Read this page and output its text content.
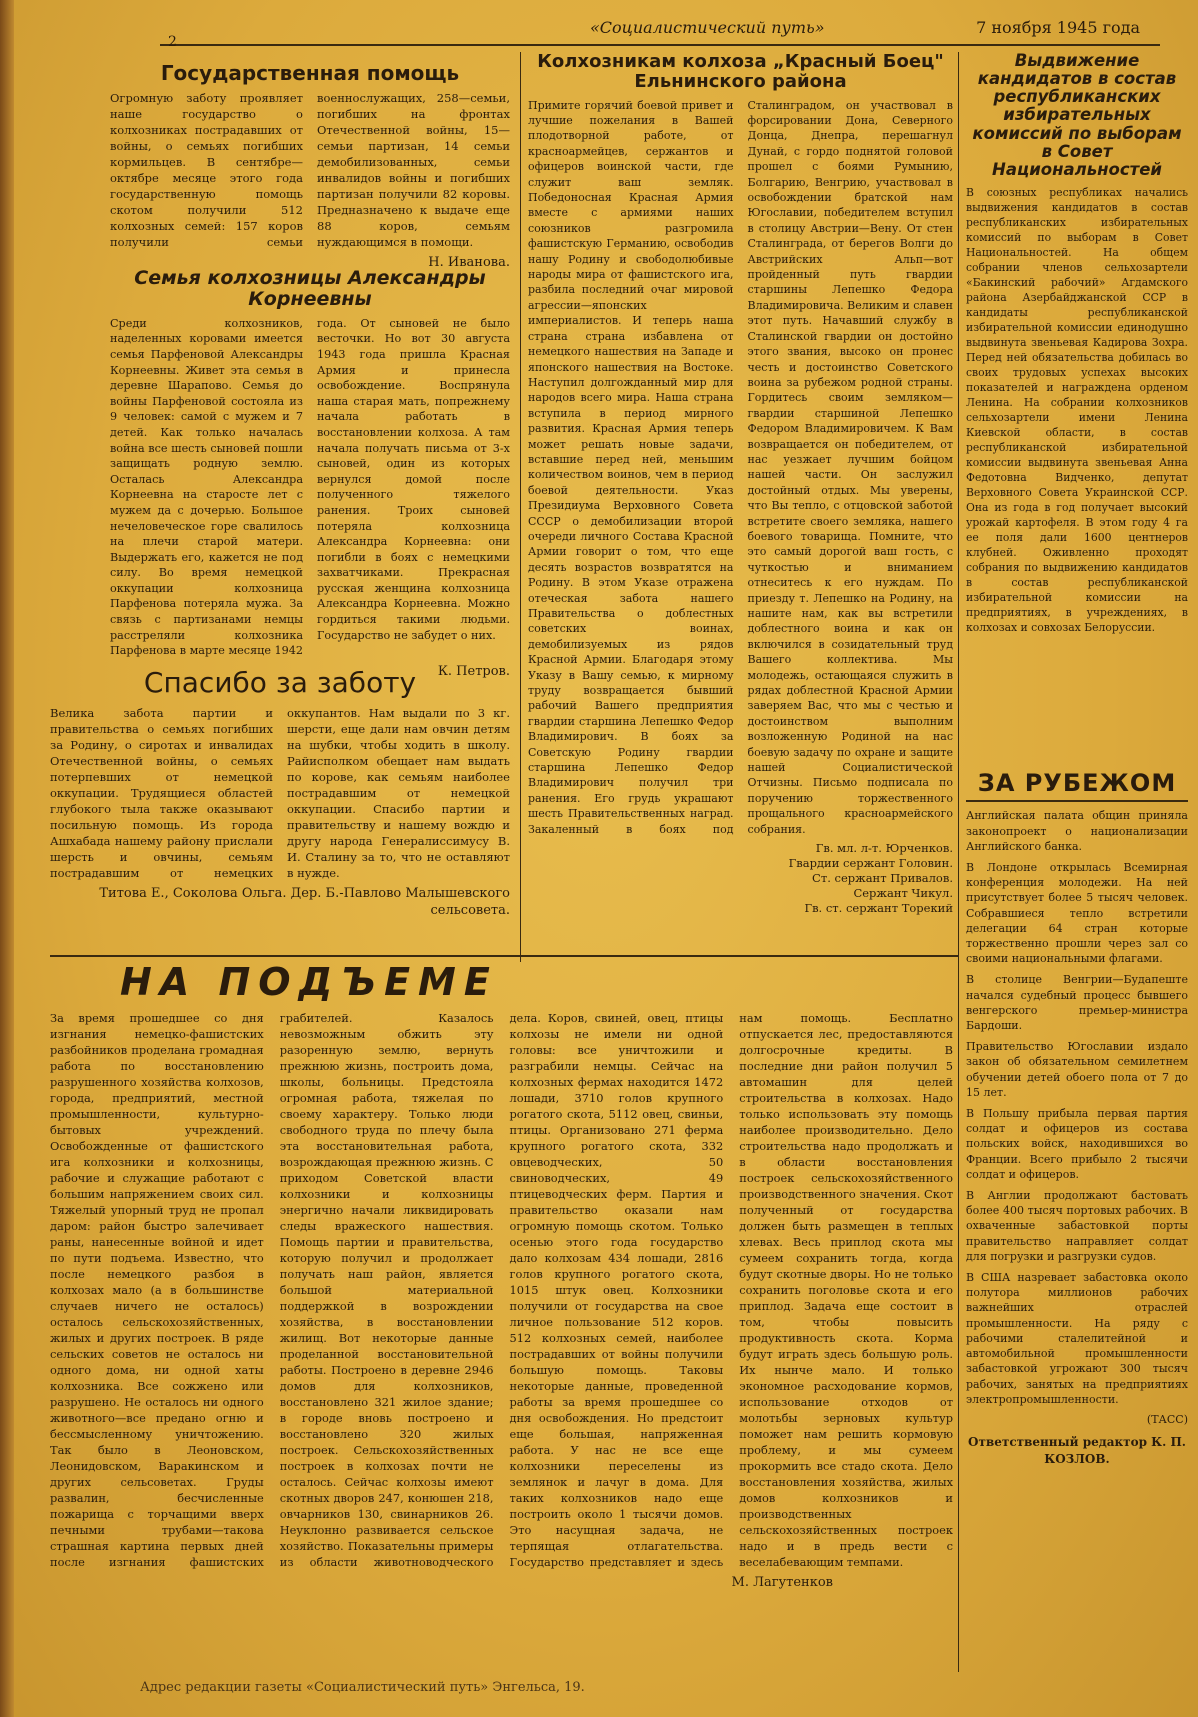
2
«Социалистический путь»	7 ноября 1945 года
Государственная помощь

Огромную заботу проявляет наше государство о колхозниках пострадавших от войны, о семьях погибших кормильцев. В сентябре—октябре месяце этого года государственную помощь скотом получили 512 колхозных семей: 157 коров получили семьи военнослужащих, 258—семьи, погибших на фронтах Отечественной войны, 15—семьи партизан, 14 семьи демобилизованных, семьи инвалидов войны и погибших партизан получили 82 коровы. Предназначено к выдаче еще 88 коров, семьям нуждающимся в помощи.

Н. Иванова.
Семья колхозницы Александры Корнеевны

Среди колхозников, наделенных коровами имеется семья Парфеновой Александры Корнеевны. Живет эта семья в деревне Шарапово. Семья до войны Парфеновой состояла из 9 человек: самой с мужем и 7 детей. Как только началась война все шесть сыновей пошли защищать родную землю. Осталась Александра Корнеевна на старосте лет с мужем да с дочерью. Большое нечеловеческое горе свалилось на плечи старой матери. Выдержать его, кажется не под силу. Во время немецкой оккупации колхозница Парфенова потеряла мужа. За связь с партизанами немцы расстреляли колхозника Парфенова в марте месяце 1942 года. От сыновей не было весточки. Но вот 30 августа 1943 года пришла Красная Армия и принесла освобождение. Воспрянула наша старая мать, попрежнему начала работать в восстановлении колхоза. А там начала получать письма от 3-х сыновей, один из которых вернулся домой после полученного тяжелого ранения. Троих сыновей потеряла колхозница Александра Корнеевна: они погибли в боях с немецкими захватчиками. Прекрасная русская женщина колхозница Александра Корнеевна. Можно гордиться такими людьми. Государство не забудет о них.

К. Петров.
Спасибо за заботу

Велика забота партии и правительства о семьях погибших за Родину, о сиротах и инвалидах Отечественной войны, о семьях потерпевших от немецкой оккупации. Трудящиеся областей глубокого тыла также оказывают посильную помощь. Из города Ашхабада нашему району прислали шерсть и овчины, семьям пострадавшим от немецких оккупантов. Нам выдали по 3 кг. шерсти, еще дали нам овчин детям на шубки, чтобы ходить в школу. Райисполком обещает нам выдать по корове, как семьям наиболее пострадавшим от немецкой оккупации. Спасибо партии и правительству и нашему вождю и другу народа Генералиссимусу В. И. Сталину за то, что не оставляют в нужде.

Титова Е., Соколова Ольга. Дер. Б.-Павлово Малышевского сельсовета.
Колхозникам колхоза „Красный Боец" Ельнинского района

Примите горячий боевой привет и лучшие пожелания в Вашей плодотворной работе, от красноармейцев, сержантов и офицеров воинской части, где служит ваш земляк. Победоносная Красная Армия вместе с армиями наших союзников разгромила фашистскую Германию, освободив нашу Родину и свободолюбивые народы мира от фашистского ига, разбила последний очаг мировой агрессии—японских империалистов. И теперь наша страна страна избавлена от немецкого нашествия на Западе и японского нашествия на Востоке. Наступил долгожданный мир для народов всего мира. Наша страна вступила в период мирного развития. Красная Армия теперь может решать новые задачи, вставшие перед ней, меньшим количеством воинов, чем в период боевой деятельности. Указ Президиума Верховного Совета СССР о демобилизации второй очереди личного Состава Красной Армии говорит о том, что еще десять возрастов возвратятся на Родину. В этом Указе отражена отеческая забота нашего Правительства о доблестных советских воинах, демобилизуемых из рядов Красной Армии. Благодаря этому Указу в Вашу семью, к мирному труду возвращается бывший рабочий Вашего предприятия гвардии старшина Лепешко Федор Владимирович. В боях за Советскую Родину гвардии старшина Лепешко Федор Владимирович получил три ранения. Его грудь украшают шесть Правительственных наград. Закаленный в боях под Сталинградом, он участвовал в форсировании Дона, Северного Донца, Днепра, перешагнул Дунай, с гордо поднятой головой прошел с боями Румынию, Болгарию, Венгрию, участвовал в освобождении братской нам Югославии, победителем вступил в столицу Австрии—Вену. От стен Сталинграда, от берегов Волги до Австрийских Альп—вот пройденный путь гвардии старшины Лепешко Федора Владимировича. Великим и славен этот путь. Начавший службу в Сталинской гвардии он достойно этого звания, высоко он пронес честь и достоинство Советского воина за рубежом родной страны. Гордитесь своим земляком—гвардии старшиной Лепешко Федором Владимировичем. К Вам возвращается он победителем, от нас уезжает лучшим бойцом нашей части. Он заслужил достойный отдых. Мы уверены, что Вы тепло, с отцовской заботой встретите своего земляка, нашего боевого товарища. Помните, что это самый дорогой ваш гость, с чуткостью и вниманием отнеситесь к его нуждам. По приезду т. Лепешко на Родину, на нашите нам, как вы встретили доблестного воина и как он включился в созидательный труд Вашего коллектива. Мы молодежь, остающаяся служить в рядах доблестной Красной Армии заверяем Вас, что мы с честью и достоинством выполним возложенную Родиной на нас боевую задачу по охране и защите нашей Социалистической Отчизны. Письмо подписала по поручению торжественного прощального красноармейского собрания.

Гв. мл. л-т. Юрченков.
Гвардии сержант Головин.
Ст. сержант Привалов.
Сержант Чикул.
Гв. ст. сержант Торекий
Выдвижение кандидатов в состав республиканских избирательных комиссий по выборам в Совет Национальностей

В союзных республиках начались выдвижения кандидатов в состав республиканских избирательных комиссий по выборам в Совет Национальностей. На общем собрании членов сельхозартели «Бакинский рабочий» Агдамского района Азербайджанской ССР в кандидаты республиканской избирательной комиссии единодушно выдвинута звеньевая Кадирова Зохра. Перед ней обязательства добилась во своих трудовых успехах высоких показателей и награждена орденом Ленина. На собрании колхозников сельхозартели имени Ленина Киевской области, в состав республиканской избирательной комиссии выдвинута звеньевая Анна Федотовна Видченко, депутат Верховного Совета Украинской ССР. Она из года в год получает высокий урожай картофеля. В этом году 4 га ее поля дали 1600 центнеров клубней. Оживленно проходят собрания по выдвижению кандидатов в состав республиканской избирательной комиссии на предприятиях, в учреждениях, в колхозах и совхозах Белоруссии.

ЗА РУБЕЖОМ

Английская палата общин приняла законопроект о национализации Английского банка.

В Лондоне открылась Всемирная конференция молодежи. На ней присутствует более 5 тысяч человек. Собравшиеся тепло встретили делегации 64 стран которые торжественно прошли через зал со своими национальными флагами.

В столице Венгрии—Будапеште начался судебный процесс бывшего венгерского премьер-министра Бардоши.

Правительство Югославии издало закон об обязательном семилетнем обучении детей обоего пола от 7 до 15 лет.

В Польшу прибыла первая партия солдат и офицеров из состава польских войск, находившихся во Франции. Всего прибыло 2 тысячи солдат и офицеров.

В Англии продолжают бастовать более 400 тысяч портовых рабочих. В охваченные забастовкой порты правительство направляет солдат для погрузки и разгрузки судов.

В США назревает забастовка около полутора миллионов рабочих важнейших отраслей промышленности. На ряду с рабочими сталелитейной и автомобильной промышленности забастовкой угрожают 300 тысяч рабочих, занятых на предприятиях электропромышленности.

(ТАСС)
Ответственный редактор К. П. КОЗЛОВ.
НА ПОДЪЕМЕ

За время прошедшее со дня изгнания немецко-фашистских разбойников проделана громадная работа по восстановлению разрушенного хозяйства колхозов, города, предприятий, местной промышленности, культурно-бытовых учреждений. Освобожденные от фашистского ига колхозники и колхозницы, рабочие и служащие работают с большим напряжением своих сил. Тяжелый упорный труд не пропал даром: район быстро залечивает раны, нанесенные войной и идет по пути подъема. Известно, что после немецкого разбоя в колхозах мало (а в большинстве случаев ничего не осталось) осталось сельскохозяйственных, жилых и других построек. В ряде сельских советов не осталось ни одного дома, ни одной хаты колхозника. Все сожжено или разрушено. Не осталось ни одного животного—все предано огню и бессмысленному уничтожению. Так было в Леоновском, Леонидовском, Варакинском и других сельсоветах. Груды развалин, бесчисленные пожарища с торчащими вверх печными трубами—такова страшная картина первых дней после изгнания фашистских грабителей. Казалось невозможным обжить эту разоренную землю, вернуть прежнюю жизнь, построить дома, школы, больницы. Предстояла огромная работа, тяжелая по своему характеру. Только люди свободного труда по плечу была эта восстановительная работа, возрождающая прежнюю жизнь. С приходом Советской власти колхозники и колхозницы энергично начали ликвидировать следы вражеского нашествия. Помощь партии и правительства, которую получил и продолжает получать наш район, является большой материальной поддержкой в возрождении хозяйства, в восстановлении жилищ. Вот некоторые данные проделанной восстановительной работы. Построено в деревне 2946 домов для колхозников, восстановлено 321 жилое здание; в городе вновь построено и восстановлено 320 жилых построек. Сельскохозяйственных построек в колхозах почти не осталось. Сейчас колхозы имеют скотных дворов 247, конюшен 218, овчарников 130, свинарников 26. Неуклонно развивается сельское хозяйство. Показательны примеры из области животноводческого дела. Коров, свиней, овец, птицы колхозы не имели ни одной головы: все уничтожили и разграбили немцы. Сейчас на колхозных фермах находится 1472 лошади, 3710 голов крупного рогатого скота, 5112 овец, свиньи, птицы. Организовано 271 ферма крупного рогатого скота, 332 овцеводческих, 50 свиноводческих, 49 птицеводческих ферм. Партия и правительство оказали нам огромную помощь скотом. Только осенью этого года государство дало колхозам 434 лошади, 2816 голов крупного рогатого скота, 1015 штук овец. Колхозники получили от государства на свое личное пользование 512 коров. 512 колхозных семей, наиболее пострадавших от войны получили большую помощь. Таковы некоторые данные, проведенной работы за время прошедшее со дня освобождения. Но предстоит еще большая, напряженная работа. У нас не все еще колхозники переселены из землянок и лачуг в дома. Для таких колхозников надо еще построить около 1 тысячи домов. Это насущная задача, не терпящая отлагательства. Государство представляет и здесь нам помощь. Бесплатно отпускается лес, предоставляются долгосрочные кредиты. В последние дни район получил 5 автомашин для целей строительства в колхозах. Надо только использовать эту помощь наиболее производительно. Дело строительства надо продолжать и в области восстановления построек сельскохозяйственного производственного значения. Скот полученный от государства должен быть размещен в теплых хлевах. Весь приплод скота мы сумеем сохранить тогда, когда будут скотные дворы. Но не только сохранить поголовье скота и его приплод. Задача еще состоит в том, чтобы повысить продуктивность скота. Корма будут играть здесь большую роль. Их нынче мало. И только экономное расходование кормов, использование отходов от молотьбы зерновых культур поможет нам решить кормовую проблему, и мы сумеем прокормить все стадо скота. Дело восстановления хозяйства, жилых домов колхозников и производственных сельскохозяйственных построек надо и в предь вести с веселабевающим темпами.

М. Лагутенков
Адрес редакции газеты «Социалистический путь» Энгельса, 19.
